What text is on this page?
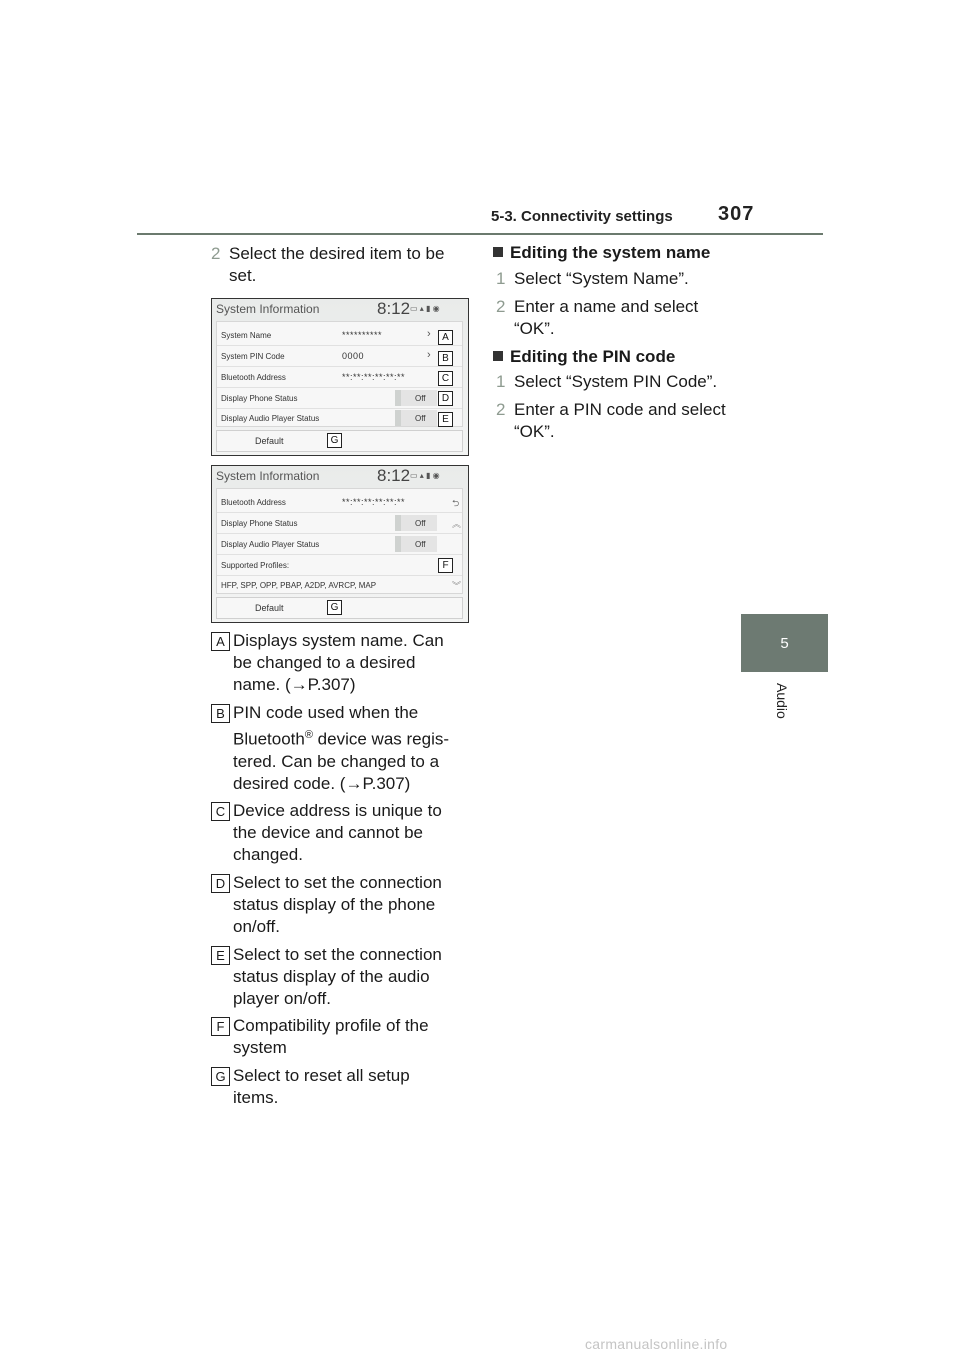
5-3. Connectivity settings 307
5
Audio
2 Select the desired item to be
set.
System Information	8:12 ▭ ▴ ▮ ◉
System Name	**********	›
System PIN Code	0000	›
Bluetooth Address	**:**:**:**:**:**
Display Phone Status	Off
Display Audio Player Status	Off
Default
A
B
C
D
E
G
System Information	8:12 ▭ ▴ ▮ ◉
Bluetooth Address	**:**:**:**:**:**	⮌
Display Phone Status	Off	︽
Display Audio Player Status	Off
Supported Profiles:
HFP, SPP, OPP, PBAP, A2DP, AVRCP, MAP	︾
Default
F
G
A Displays system name. Can
be changed to a desired
name. (→P.307)
B PIN code used when the
Bluetooth® device was regis-
tered. Can be changed to a
desired code. (→P.307)
C Device address is unique to
the device and cannot be
changed.
D Select to set the connection
status display of the phone
on/off.
E Select to set the connection
status display of the audio
player on/off.
F Compatibility profile of the
system
G Select to reset all setup
items.
Editing the system name
1 Select “System Name”.
2 Enter a name and select
“OK”.
Editing the PIN code
1 Select “System PIN Code”.
2 Enter a PIN code and select
“OK”.
carmanualsonline.info
